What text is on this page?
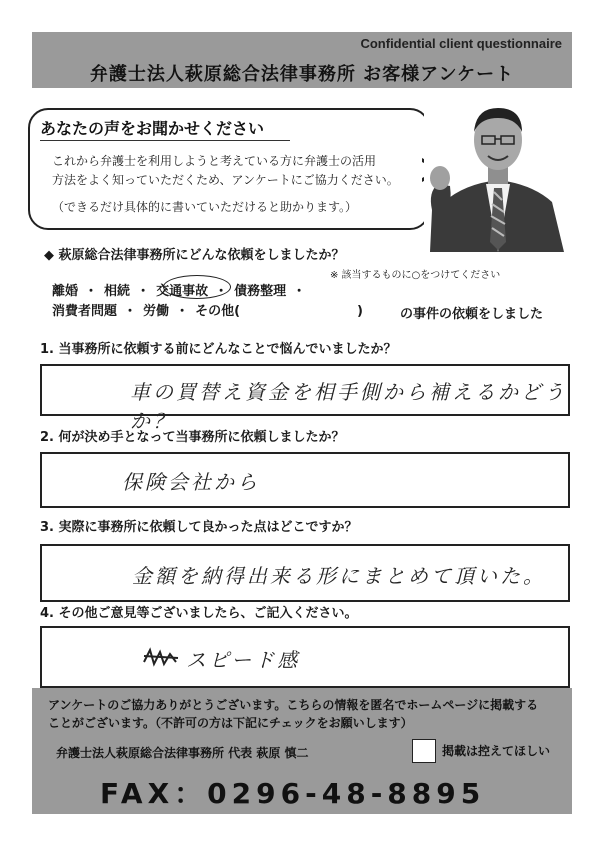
Confidential client questionnaire
弁護士法人萩原総合法律事務所 お客様アンケート
あなたの声をお聞かせください
これから弁護士を利用しようと考えている方に弁護士の活用
方法をよく知っていただくため、アンケートにご協力ください。
（できるだけ具体的に書いていただけると助かります。）
◆ 萩原総合法律事務所にどんな依頼をしましたか？
※ 該当するものに○をつけてください
離婚 ・ 相続 ・ 交通事故 ・ 債務整理 ・
消費者問題 ・ 労働 ・ その他(　　　　　　　　　)	の事件の依頼をしました
1. 当事務所に依頼する前にどんなことで悩んでいましたか？
車の買替え資金を相手側から補えるかどうか？
2. 何が決め手となって当事務所に依頼しましたか？
保険会社から
3. 実際に事務所に依頼して良かった点はどこですか？
金額を納得出来る形にまとめて頂いた。
4. その他ご意見等ございましたら、ご記入ください。
スピード感
アンケートのご協力ありがとうございます。こちらの情報を匿名でホームページに掲載する
ことがございます。（不許可の方は下記にチェックをお願いします）
弁護士法人萩原総合法律事務所 代表 萩原 慎二	掲載は控えてほしい
FAX：0296-48-8895
